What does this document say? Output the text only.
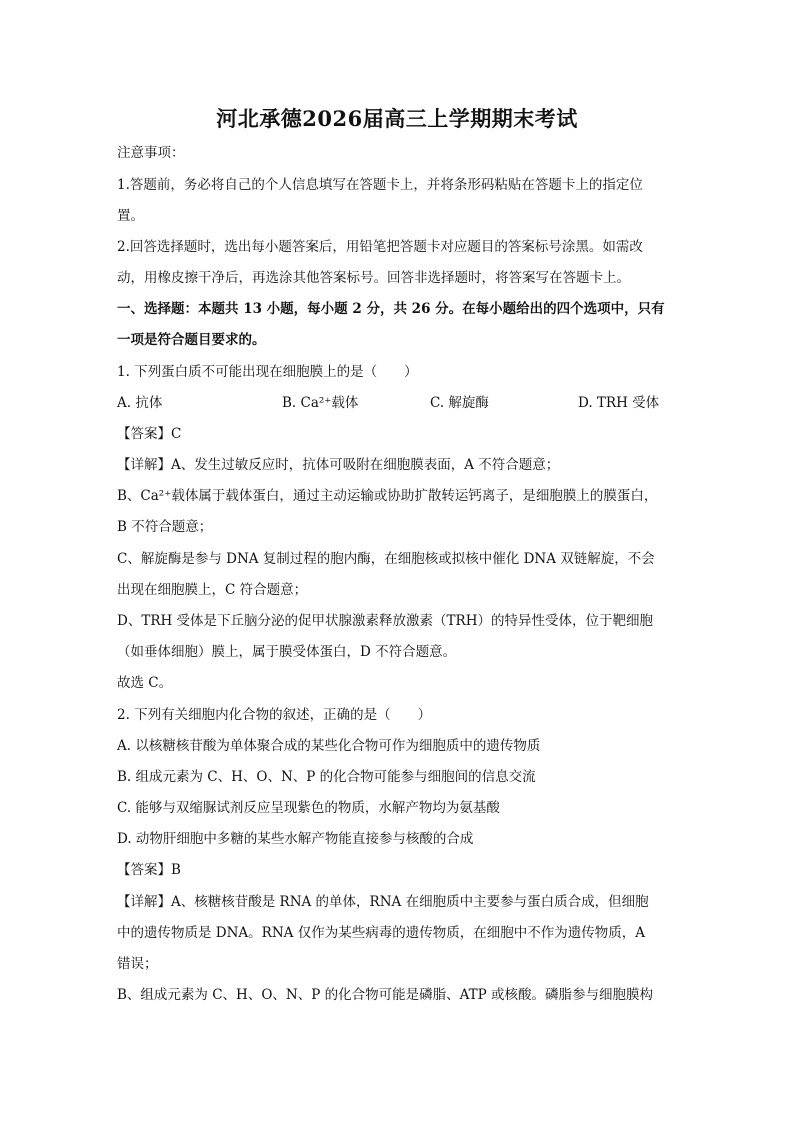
河北承德2026届高三上学期期末考试
注意事项：
1.答题前，务必将自己的个人信息填写在答题卡上，并将条形码粘贴在答题卡上的指定位
置。
2.回答选择题时，选出每小题答案后，用铅笔把答题卡对应题目的答案标号涂黑。如需改
动，用橡皮擦干净后，再选涂其他答案标号。回答非选择题时，将答案写在答题卡上。
一、选择题：本题共 13 小题，每小题 2 分，共 26 分。在每小题给出的四个选项中，只有
一项是符合题目要求的。
1. 下列蛋白质不可能出现在细胞膜上的是（　　）
A. 抗体	B. Ca²⁺载体	C. 解旋酶	D. TRH 受体
【答案】C
【详解】A、发生过敏反应时，抗体可吸附在细胞膜表面，A 不符合题意；
B、Ca²⁺载体属于载体蛋白，通过主动运输或协助扩散转运钙离子，是细胞膜上的膜蛋白，
B 不符合题意；
C、解旋酶是参与 DNA 复制过程的胞内酶，在细胞核或拟核中催化 DNA 双链解旋，不会
出现在细胞膜上，C 符合题意；
D、TRH 受体是下丘脑分泌的促甲状腺激素释放激素（TRH）的特异性受体，位于靶细胞
（如垂体细胞）膜上，属于膜受体蛋白，D 不符合题意。
故选 C。
2. 下列有关细胞内化合物的叙述，正确的是（　　）
A. 以核糖核苷酸为单体聚合成的某些化合物可作为细胞质中的遗传物质
B. 组成元素为 C、H、O、N、P 的化合物可能参与细胞间的信息交流
C. 能够与双缩脲试剂反应呈现紫色的物质，水解产物均为氨基酸
D. 动物肝细胞中多糖的某些水解产物能直接参与核酸的合成
【答案】B
【详解】A、核糖核苷酸是 RNA 的单体，RNA 在细胞质中主要参与蛋白质合成，但细胞
中的遗传物质是 DNA。RNA 仅作为某些病毒的遗传物质，在细胞中不作为遗传物质，A
错误；
B、组成元素为 C、H、O、N、P 的化合物可能是磷脂、ATP 或核酸。磷脂参与细胞膜构
